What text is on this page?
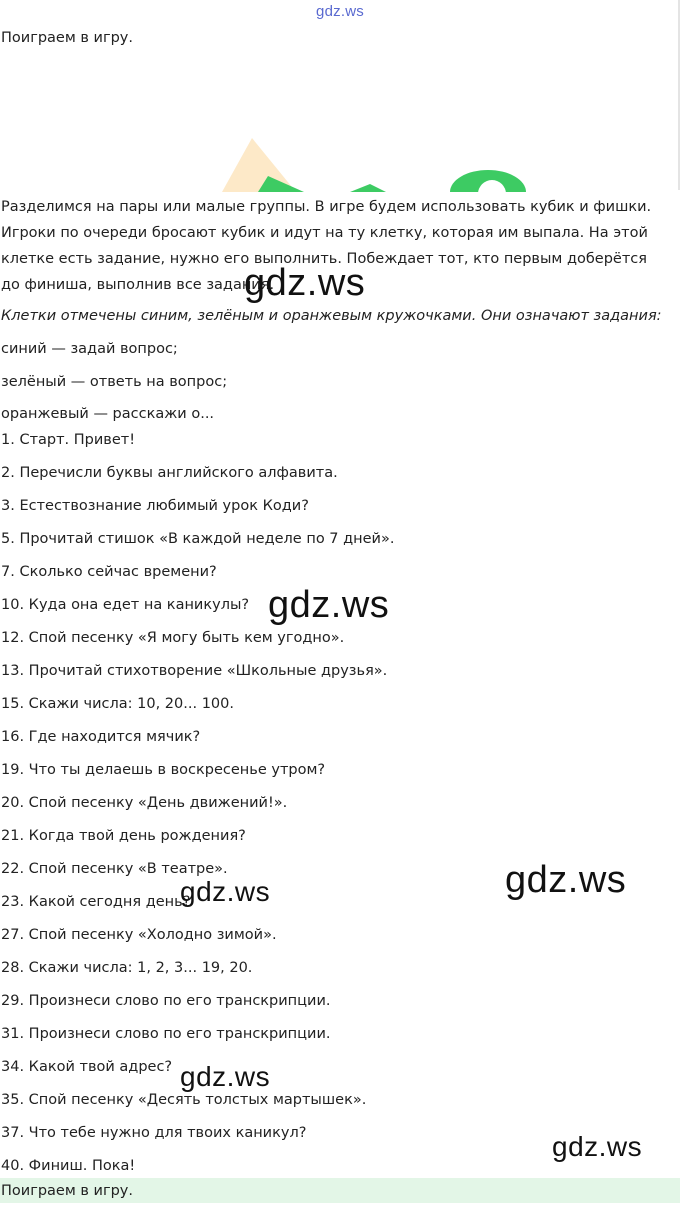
gdz.ws
Поиграем в игру.

Разделимся на пары или малые группы. В игре будем использовать кубик и фишки. Игроки по очереди бросают кубик и идут на ту клетку, которая им выпала. На этой клетке есть задание, нужно его выполнить. Побеждает тот, кто первым доберётся до финиша, выполнив все задания.

Клетки отмечены синим, зелёным и оранжевым кружочками. Они означают задания:

синий — задай вопрос;

зелёный — ответь на вопрос;

оранжевый — расскажи о...

1. Старт. Привет!
2. Перечисли буквы английского алфавита.
3. Естествознание любимый урок Коди?
5. Прочитай стишок «В каждой неделе по 7 дней».
7. Сколько сейчас времени?
10. Куда она едет на каникулы?
12. Спой песенку «Я могу быть кем угодно».
13. Прочитай стихотворение «Школьные друзья».
15. Скажи числа: 10, 20... 100.
16. Где находится мячик?
19. Что ты делаешь в воскресенье утром?
20. Спой песенку «День движений!».
21. Когда твой день рождения?
22. Спой песенку «В театре».
23. Какой сегодня день?
27. Спой песенку «Холодно зимой».
28. Скажи числа: 1, 2, 3... 19, 20.
29. Произнеси слово по его транскрипции.
31. Произнеси слово по его транскрипции.
34. Какой твой адрес?
35. Спой песенку «Десять толстых мартышек».
37. Что тебе нужно для твоих каникул?
40. Финиш. Пока!
Поиграем в игру.
gdz.ws
gdz.ws
gdz.ws
gdz.ws
gdz.ws
gdz.ws
